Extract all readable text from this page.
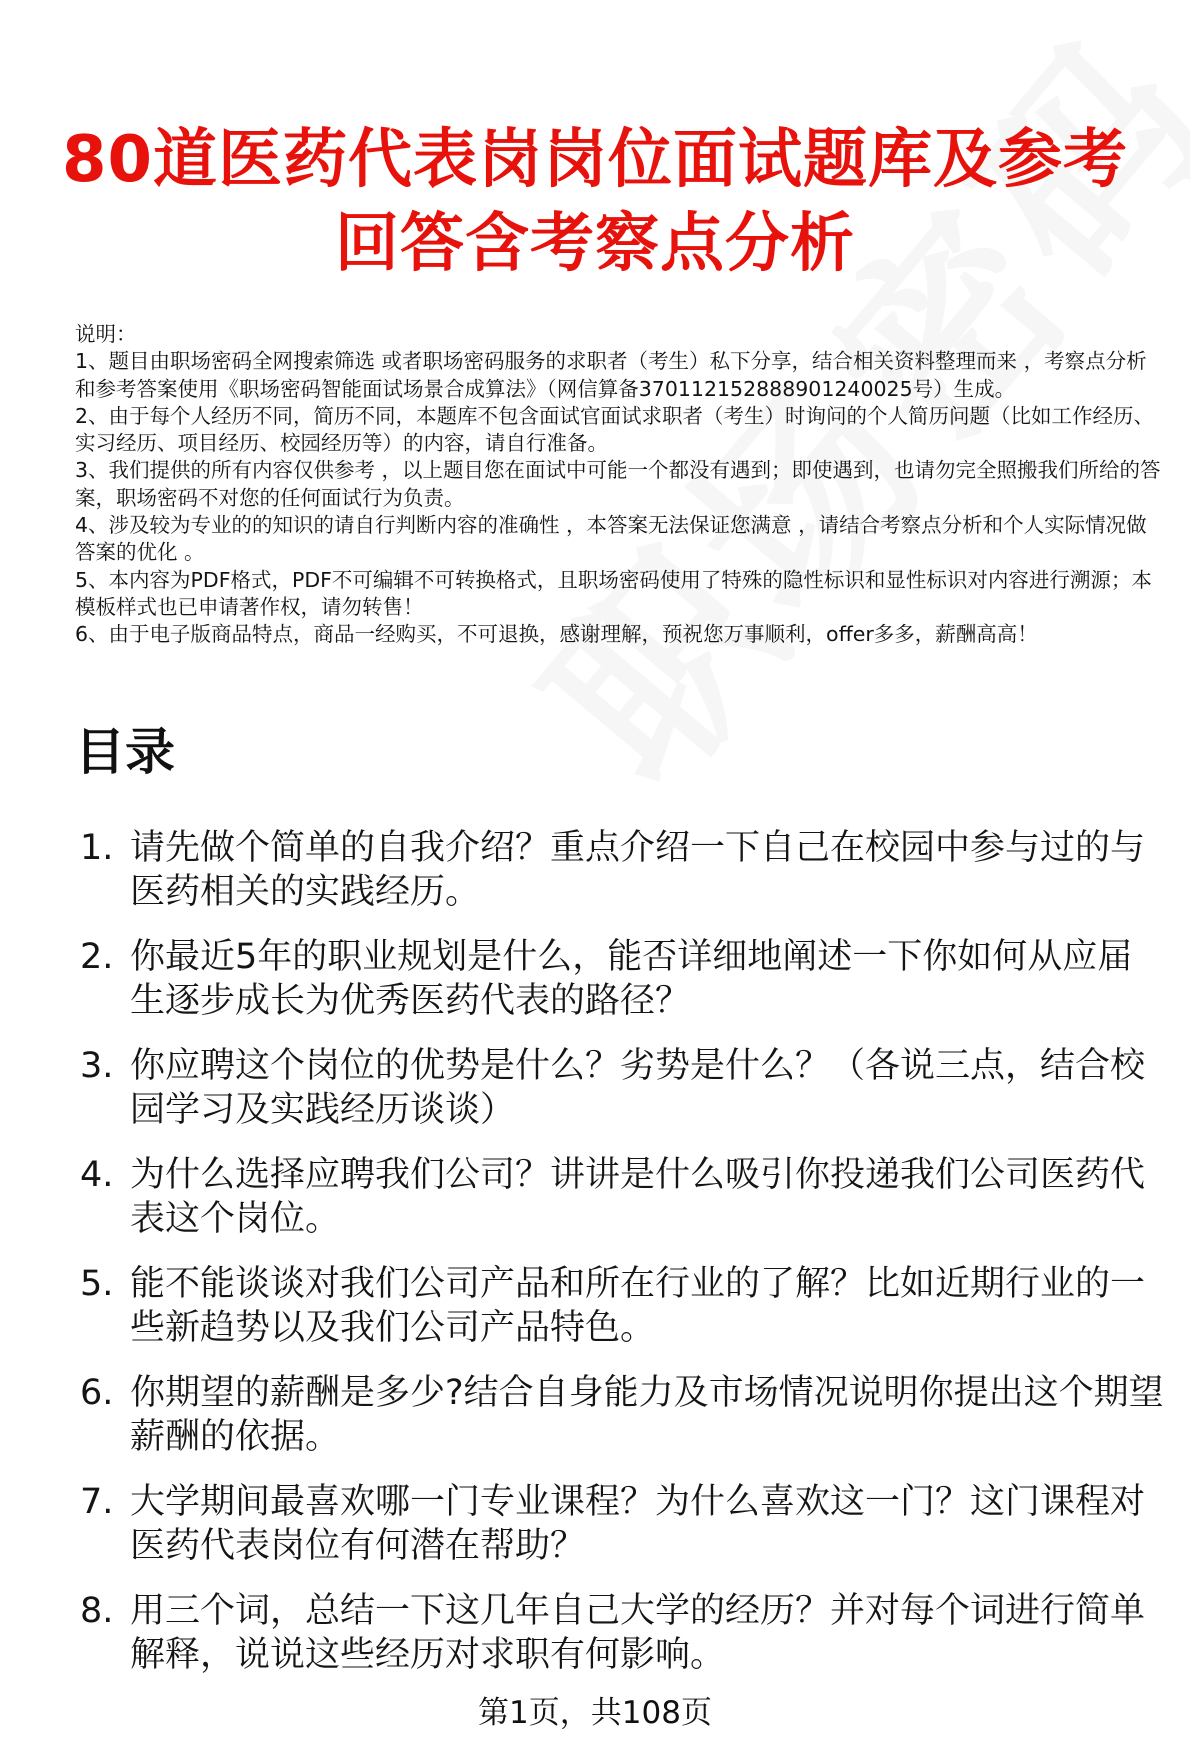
80道医药代表岗岗位面试题库及参考回答含考察点分析

说明：

1、题目由职场密码全网搜索筛选 或者职场密码服务的求职者（考生）私下分享，结合相关资料整理而来 ，考察点分析和参考答案使用《职场密码智能面试场景合成算法》（网信算备370112152888901240025号）生成。

2、由于每个人经历不同，简历不同，本题库不包含面试官面试求职者（考生）时询问的个人简历问题（比如工作经历、实习经历、项目经历、校园经历等）的内容，请自行准备。

3、我们提供的所有内容仅供参考 ，以上题目您在面试中可能一个都没有遇到；即使遇到，也请勿完全照搬我们所给的答案，职场密码不对您的任何面试行为负责。

4、涉及较为专业的的知识的请自行判断内容的准确性 ，本答案无法保证您满意 ，请结合考察点分析和个人实际情况做答案的优化 。

5、本内容为PDF格式，PDF不可编辑不可转换格式，且职场密码使用了特殊的隐性标识和显性标识对内容进行溯源；本模板样式也已申请著作权，请勿转售！

6、由于电子版商品特点，商品一经购买，不可退换，感谢理解，预祝您万事顺利，offer多多，薪酬高高！

目录
1. 请先做个简单的自我介绍？重点介绍一下自己在校园中参与过的与医药相关的实践经历。
2. 你最近5年的职业规划是什么，能否详细地阐述一下你如何从应届生逐步成长为优秀医药代表的路径？
3. 你应聘这个岗位的优势是什么？劣势是什么？（各说三点，结合校园学习及实践经历谈谈）
4. 为什么选择应聘我们公司？讲讲是什么吸引你投递我们公司医药代表这个岗位。
5. 能不能谈谈对我们公司产品和所在行业的了解？比如近期行业的一些新趋势以及我们公司产品特色。
6. 你期望的薪酬是多少?结合自身能力及市场情况说明你提出这个期望薪酬的依据。
7. 大学期间最喜欢哪一门专业课程？为什么喜欢这一门？这门课程对医药代表岗位有何潜在帮助？
8. 用三个词，总结一下这几年自己大学的经历？并对每个词进行简单解释，说说这些经历对求职有何影响。
第1页，共108页
